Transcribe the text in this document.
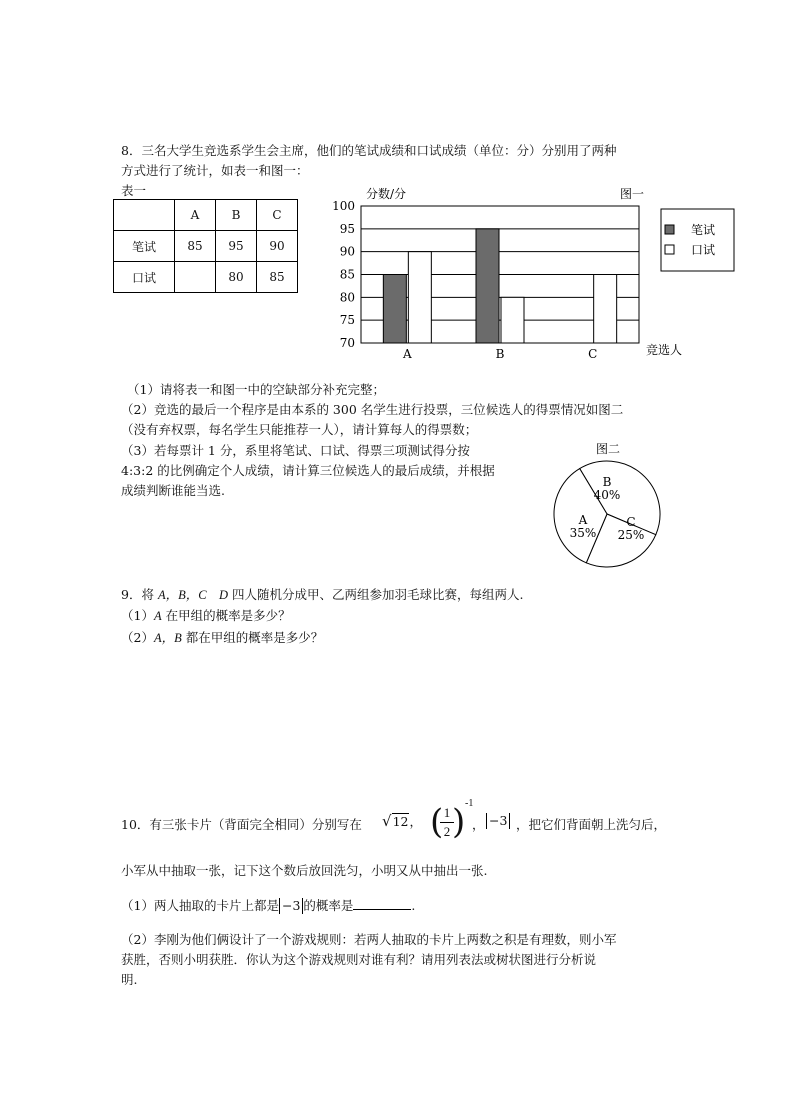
8．三名大学生竞选系学生会主席，他们的笔试成绩和口试成绩（单位：分）分别用了两种
方式进行了统计，如表一和图一：
表一
	A	B	C
笔试	85	95	90
口试		80	85
100
95
90
85
80
75
70
A	B	C
分数/分	图一
竞选人
笔试
口试
（1）请将表一和图一中的空缺部分补充完整；
（2）竞选的最后一个程序是由本系的 300 名学生进行投票，三位候选人的得票情况如图二
（没有弃权票，每名学生只能推荐一人），请计算每人的得票数；
（3）若每票计 1 分，系里将笔试、口试、得票三项测试得分按
4:3:2 的比例确定个人成绩，请计算三位候选人的最后成绩，并根据
成绩判断谁能当选.
图二
B
40%
C
25%
A
35%
9．将 A，B，C　D 四人随机分成甲、乙两组参加羽毛球比赛，每组两人.
（1）A 在甲组的概率是多少？
（2）A，B 都在甲组的概率是多少？
10．有三张卡片（背面完全相同）分别写在 √12， ( 1
2 ) -1
， −3 ，把它们背面朝上洗匀后，
小军从中抽取一张，记下这个数后放回洗匀，小明又从中抽出一张.
（1）两人抽取的卡片上都是 −3 的概率是	.
（2）李刚为他们俩设计了一个游戏规则：若两人抽取的卡片上两数之积是有理数，则小军
获胜，否则小明获胜．你认为这个游戏规则对谁有利？请用列表法或树状图进行分析说
明.
